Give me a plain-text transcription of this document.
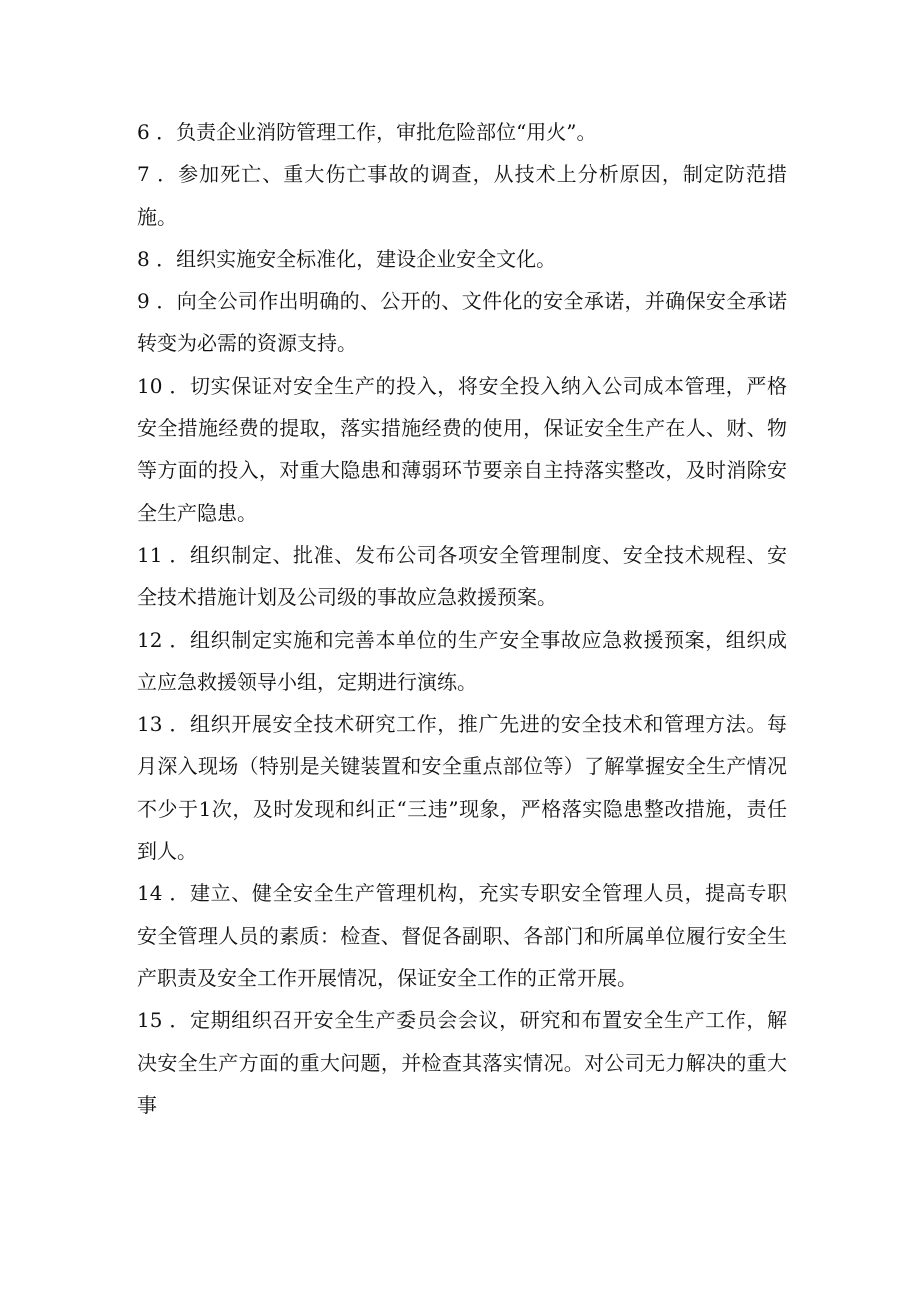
6 ．负责企业消防管理工作，审批危险部位“用火”。

7 ．参加死亡、重大伤亡事故的调查，从技术上分析原因，制定防范措施。

8 ．组织实施安全标准化，建设企业安全文化。

9 ．向全公司作出明确的、公开的、文件化的安全承诺，并确保安全承诺转变为必需的资源支持。

10 ．切实保证对安全生产的投入，将安全投入纳入公司成本管理，严格安全措施经费的提取，落实措施经费的使用，保证安全生产在人、财、物等方面的投入，对重大隐患和薄弱环节要亲自主持落实整改，及时消除安全生产隐患。

11 ．组织制定、批准、发布公司各项安全管理制度、安全技术规程、安全技术措施计划及公司级的事故应急救援预案。

12 ．组织制定实施和完善本单位的生产安全事故应急救援预案，组织成立应急救援领导小组，定期进行演练。

13 ．组织开展安全技术研究工作，推广先进的安全技术和管理方法。每月深入现场（特别是关键装置和安全重点部位等）了解掌握安全生产情况不少于1次，及时发现和纠正“三违”现象，严格落实隐患整改措施，责任到人。

14 ．建立、健全安全生产管理机构，充实专职安全管理人员，提高专职安全管理人员的素质：检查、督促各副职、各部门和所属单位履行安全生产职责及安全工作开展情况，保证安全工作的正常开展。

15 ．定期组织召开安全生产委员会会议，研究和布置安全生产工作，解决安全生产方面的重大问题，并检查其落实情况。对公司无力解决的重大事
